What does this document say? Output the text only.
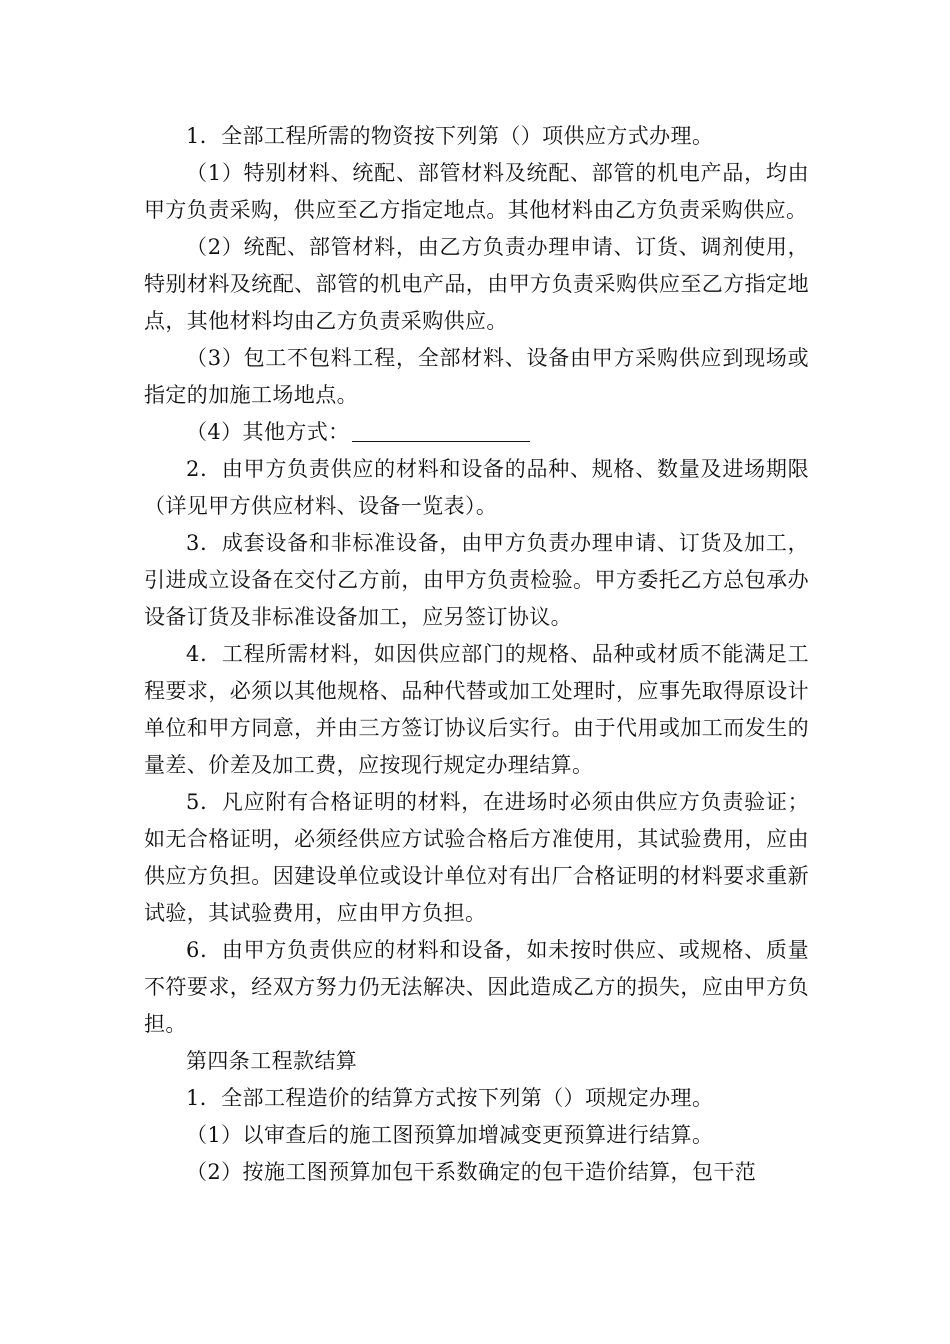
1．全部工程所需的物资按下列第（）项供应方式办理。

（1）特别材料、统配、部管材料及统配、部管的机电产品，均由甲方负责采购，供应至乙方指定地点。其他材料由乙方负责采购供应。

（2）统配、部管材料，由乙方负责办理申请、订货、调剂使用，特别材料及统配、部管的机电产品，由甲方负责采购供应至乙方指定地点，其他材料均由乙方负责采购供应。

（3）包工不包料工程，全部材料、设备由甲方采购供应到现场或指定的加施工场地点。

（4）其他方式：

2．由甲方负责供应的材料和设备的品种、规格、数量及进场期限（详见甲方供应材料、设备一览表）。

3．成套设备和非标准设备，由甲方负责办理申请、订货及加工，引进成立设备在交付乙方前，由甲方负责检验。甲方委托乙方总包承办设备订货及非标准设备加工，应另签订协议。

4．工程所需材料，如因供应部门的规格、品种或材质不能满足工程要求，必须以其他规格、品种代替或加工处理时，应事先取得原设计单位和甲方同意，并由三方签订协议后实行。由于代用或加工而发生的量差、价差及加工费，应按现行规定办理结算。

5．凡应附有合格证明的材料，在进场时必须由供应方负责验证；如无合格证明，必须经供应方试验合格后方准使用，其试验费用，应由供应方负担。因建设单位或设计单位对有出厂合格证明的材料要求重新试验，其试验费用，应由甲方负担。

6．由甲方负责供应的材料和设备，如未按时供应、或规格、质量不符要求，经双方努力仍无法解决、因此造成乙方的损失，应由甲方负担。

第四条工程款结算

1．全部工程造价的结算方式按下列第（）项规定办理。

（1）以审查后的施工图预算加增减变更预算进行结算。

（2）按施工图预算加包干系数确定的包干造价结算，包干范
